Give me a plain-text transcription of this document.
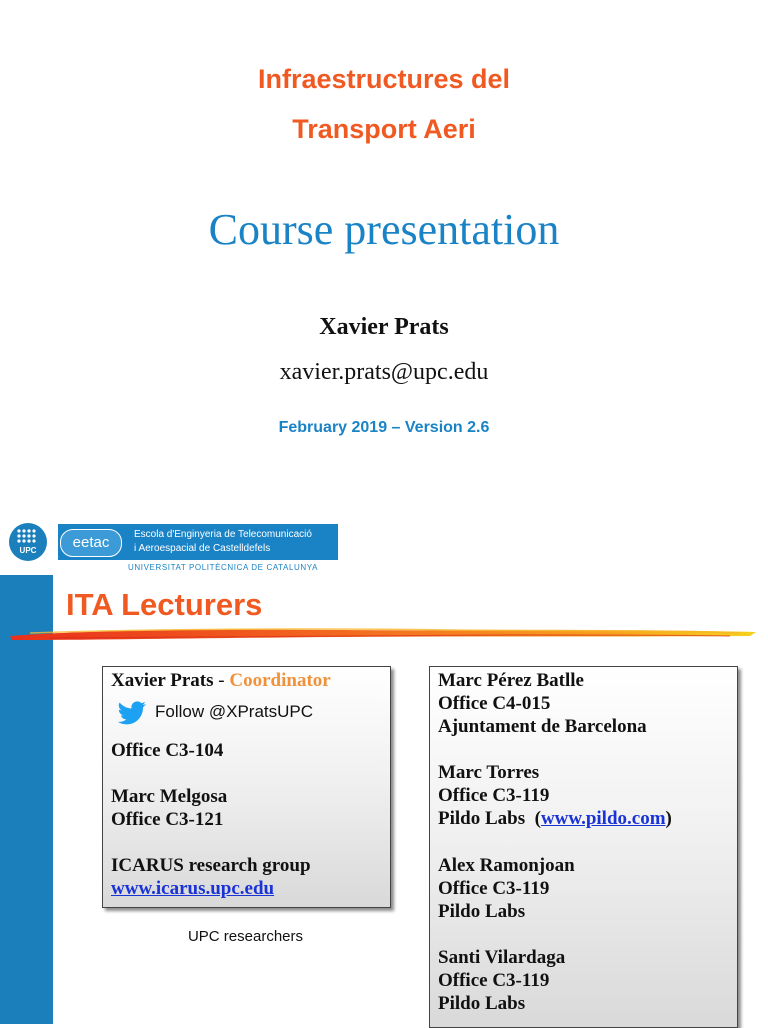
Infraestructures del
Transport Aeri
Course presentation
Xavier Prats
xavier.prats@upc.edu
February 2019 – Version 2.6
UPC	eetac	Escola d'Enginyeria de Telecomunicació
i Aeroespacial de Castelldefels
UNIVERSITAT POLITÈCNICA DE CATALUNYA
ITA Lecturers
Xavier Prats - Coordinator
Follow @XPratsUPC
Office C3-104
Marc Melgosa
Office C3-121
ICARUS research group
www.icarus.upc.edu
UPC researchers
Marc Pérez Batlle
Office C4-015
Ajuntament de Barcelona
Marc Torres
Office C3-119
Pildo Labs (www.pildo.com)
Alex Ramonjoan
Office C3-119
Pildo Labs
Santi Vilardaga
Office C3-119
Pildo Labs
